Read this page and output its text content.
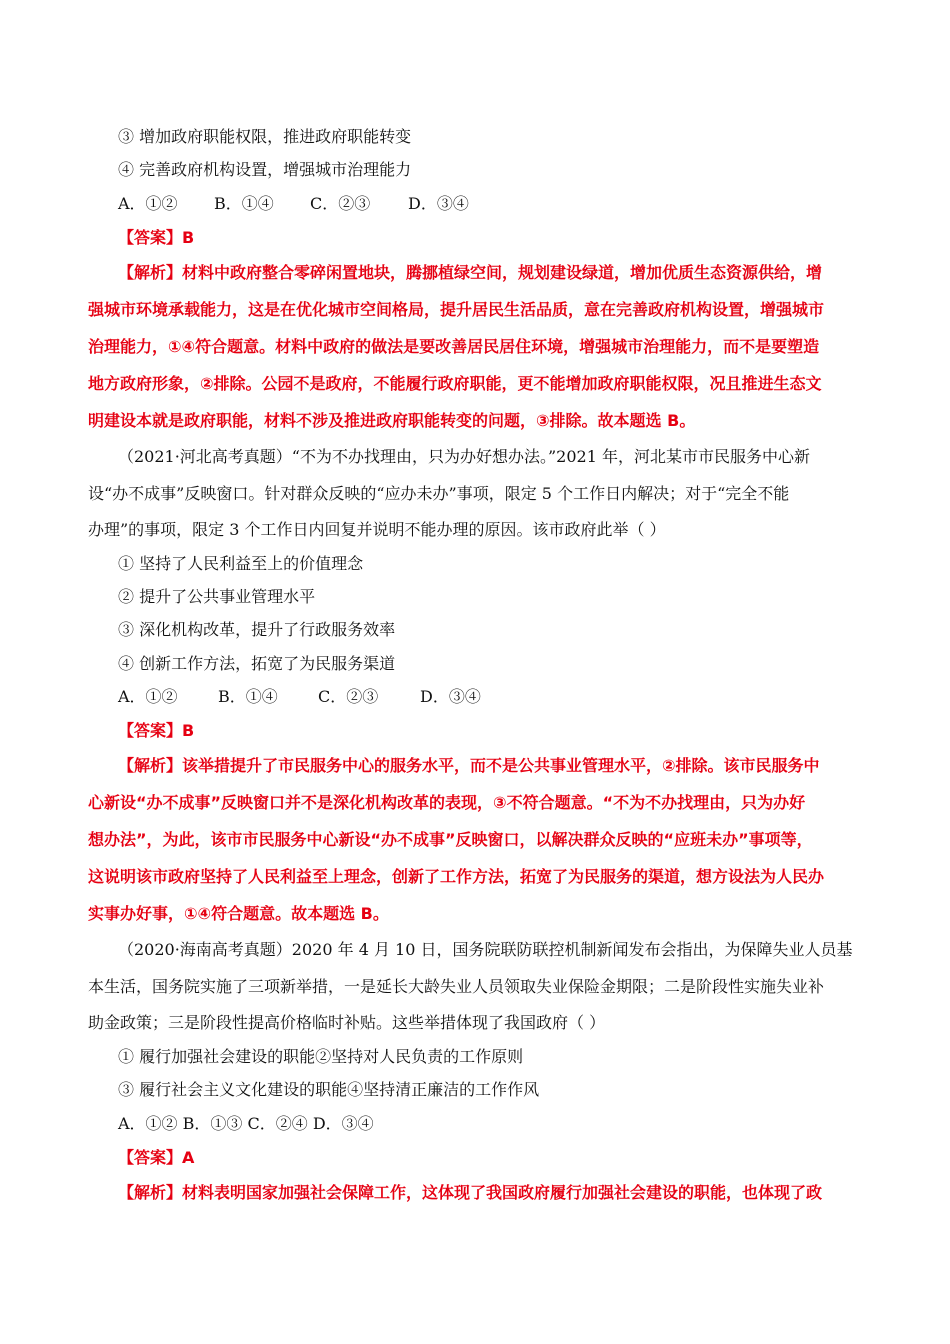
③ 增加政府职能权限，推进政府职能转变
④ 完善政府机构设置，增强城市治理能力
A．①② B．①④ C．②③ D．③④
【答案】B
【解析】材料中政府整合零碎闲置地块，腾挪植绿空间，规划建设绿道，增加优质生态资源供给，增
强城市环境承载能力，这是在优化城市空间格局，提升居民生活品质，意在完善政府机构设置，增强城市
治理能力，①④符合题意。材料中政府的做法是要改善居民居住环境，增强城市治理能力，而不是要塑造
地方政府形象，②排除。公园不是政府，不能履行政府职能，更不能增加政府职能权限，况且推进生态文
明建设本就是政府职能，材料不涉及推进政府职能转变的问题，③排除。故本题选 B。
（2021·河北高考真题）“不为不办找理由，只为办好想办法。”2021 年，河北某市市民服务中心新
设“办不成事”反映窗口。针对群众反映的“应办未办”事项，限定 5 个工作日内解决；对于“完全不能
办理”的事项，限定 3 个工作日内回复并说明不能办理的原因。该市政府此举（ ）
① 坚持了人民利益至上的价值理念
② 提升了公共事业管理水平
③ 深化机构改革，提升了行政服务效率
④ 创新工作方法，拓宽了为民服务渠道
A．①②	B．①④	C．②③	D．③④
【答案】B
【解析】该举措提升了市民服务中心的服务水平，而不是公共事业管理水平，②排除。该市民服务中
心新设“办不成事”反映窗口并不是深化机构改革的表现，③不符合题意。“不为不办找理由，只为办好
想办法”，为此，该市市民服务中心新设“办不成事”反映窗口，以解决群众反映的“应班未办”事项等，
这说明该市政府坚持了人民利益至上理念，创新了工作方法，拓宽了为民服务的渠道，想方设法为人民办
实事办好事，①④符合题意。故本题选 B。
（2020·海南高考真题）2020 年 4 月 10 日，国务院联防联控机制新闻发布会指出，为保障失业人员基
本生活，国务院实施了三项新举措，一是延长大龄失业人员领取失业保险金期限；二是阶段性实施失业补
助金政策；三是阶段性提高价格临时补贴。这些举措体现了我国政府（ ）
① 履行加强社会建设的职能②坚持对人民负责的工作原则
③ 履行社会主义文化建设的职能④坚持清正廉洁的工作作风
A．①② B．①③ C．②④ D．③④
【答案】A
【解析】材料表明国家加强社会保障工作，这体现了我国政府履行加强社会建设的职能，也体现了政
